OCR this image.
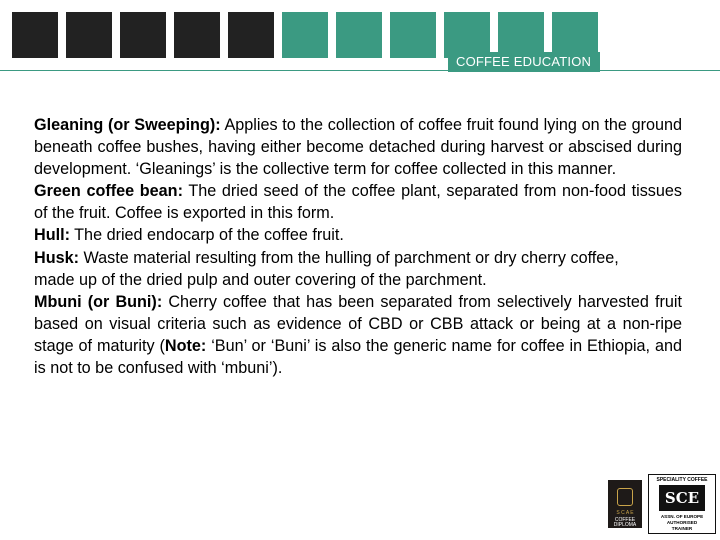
COFFEE EDUCATION

Gleaning (or Sweeping): Applies to the collection of coffee fruit found lying on the ground beneath coffee bushes, having either become detached during harvest or abscised during development. ‘Gleanings’ is the collective term for coffee collected in this manner.

Green coffee bean: The dried seed of the coffee plant, separated from non-food tissues of the fruit. Coffee is exported in this form.

Hull: The dried endocarp of the coffee fruit.

Husk: Waste material resulting from the hulling of parchment or dry cherry coffee,

made up of the dried pulp and outer covering of the parchment.

Mbuni (or Buni): Cherry coffee that has been separated from selectively harvested fruit based on visual criteria such as evidence of CBD or CBB attack or being at a non-ripe stage of maturity (Note: ‘Bun’ or ‘Buni’ is also the generic name for coffee in Ethiopia, and is not to be confused with ‘mbuni’).

S C A E
COFFEE
DIPLOMA
SPECIALITY COFFEE
SCE
ASSN. OF EUROPE
AUTHORISED
TRAINER
